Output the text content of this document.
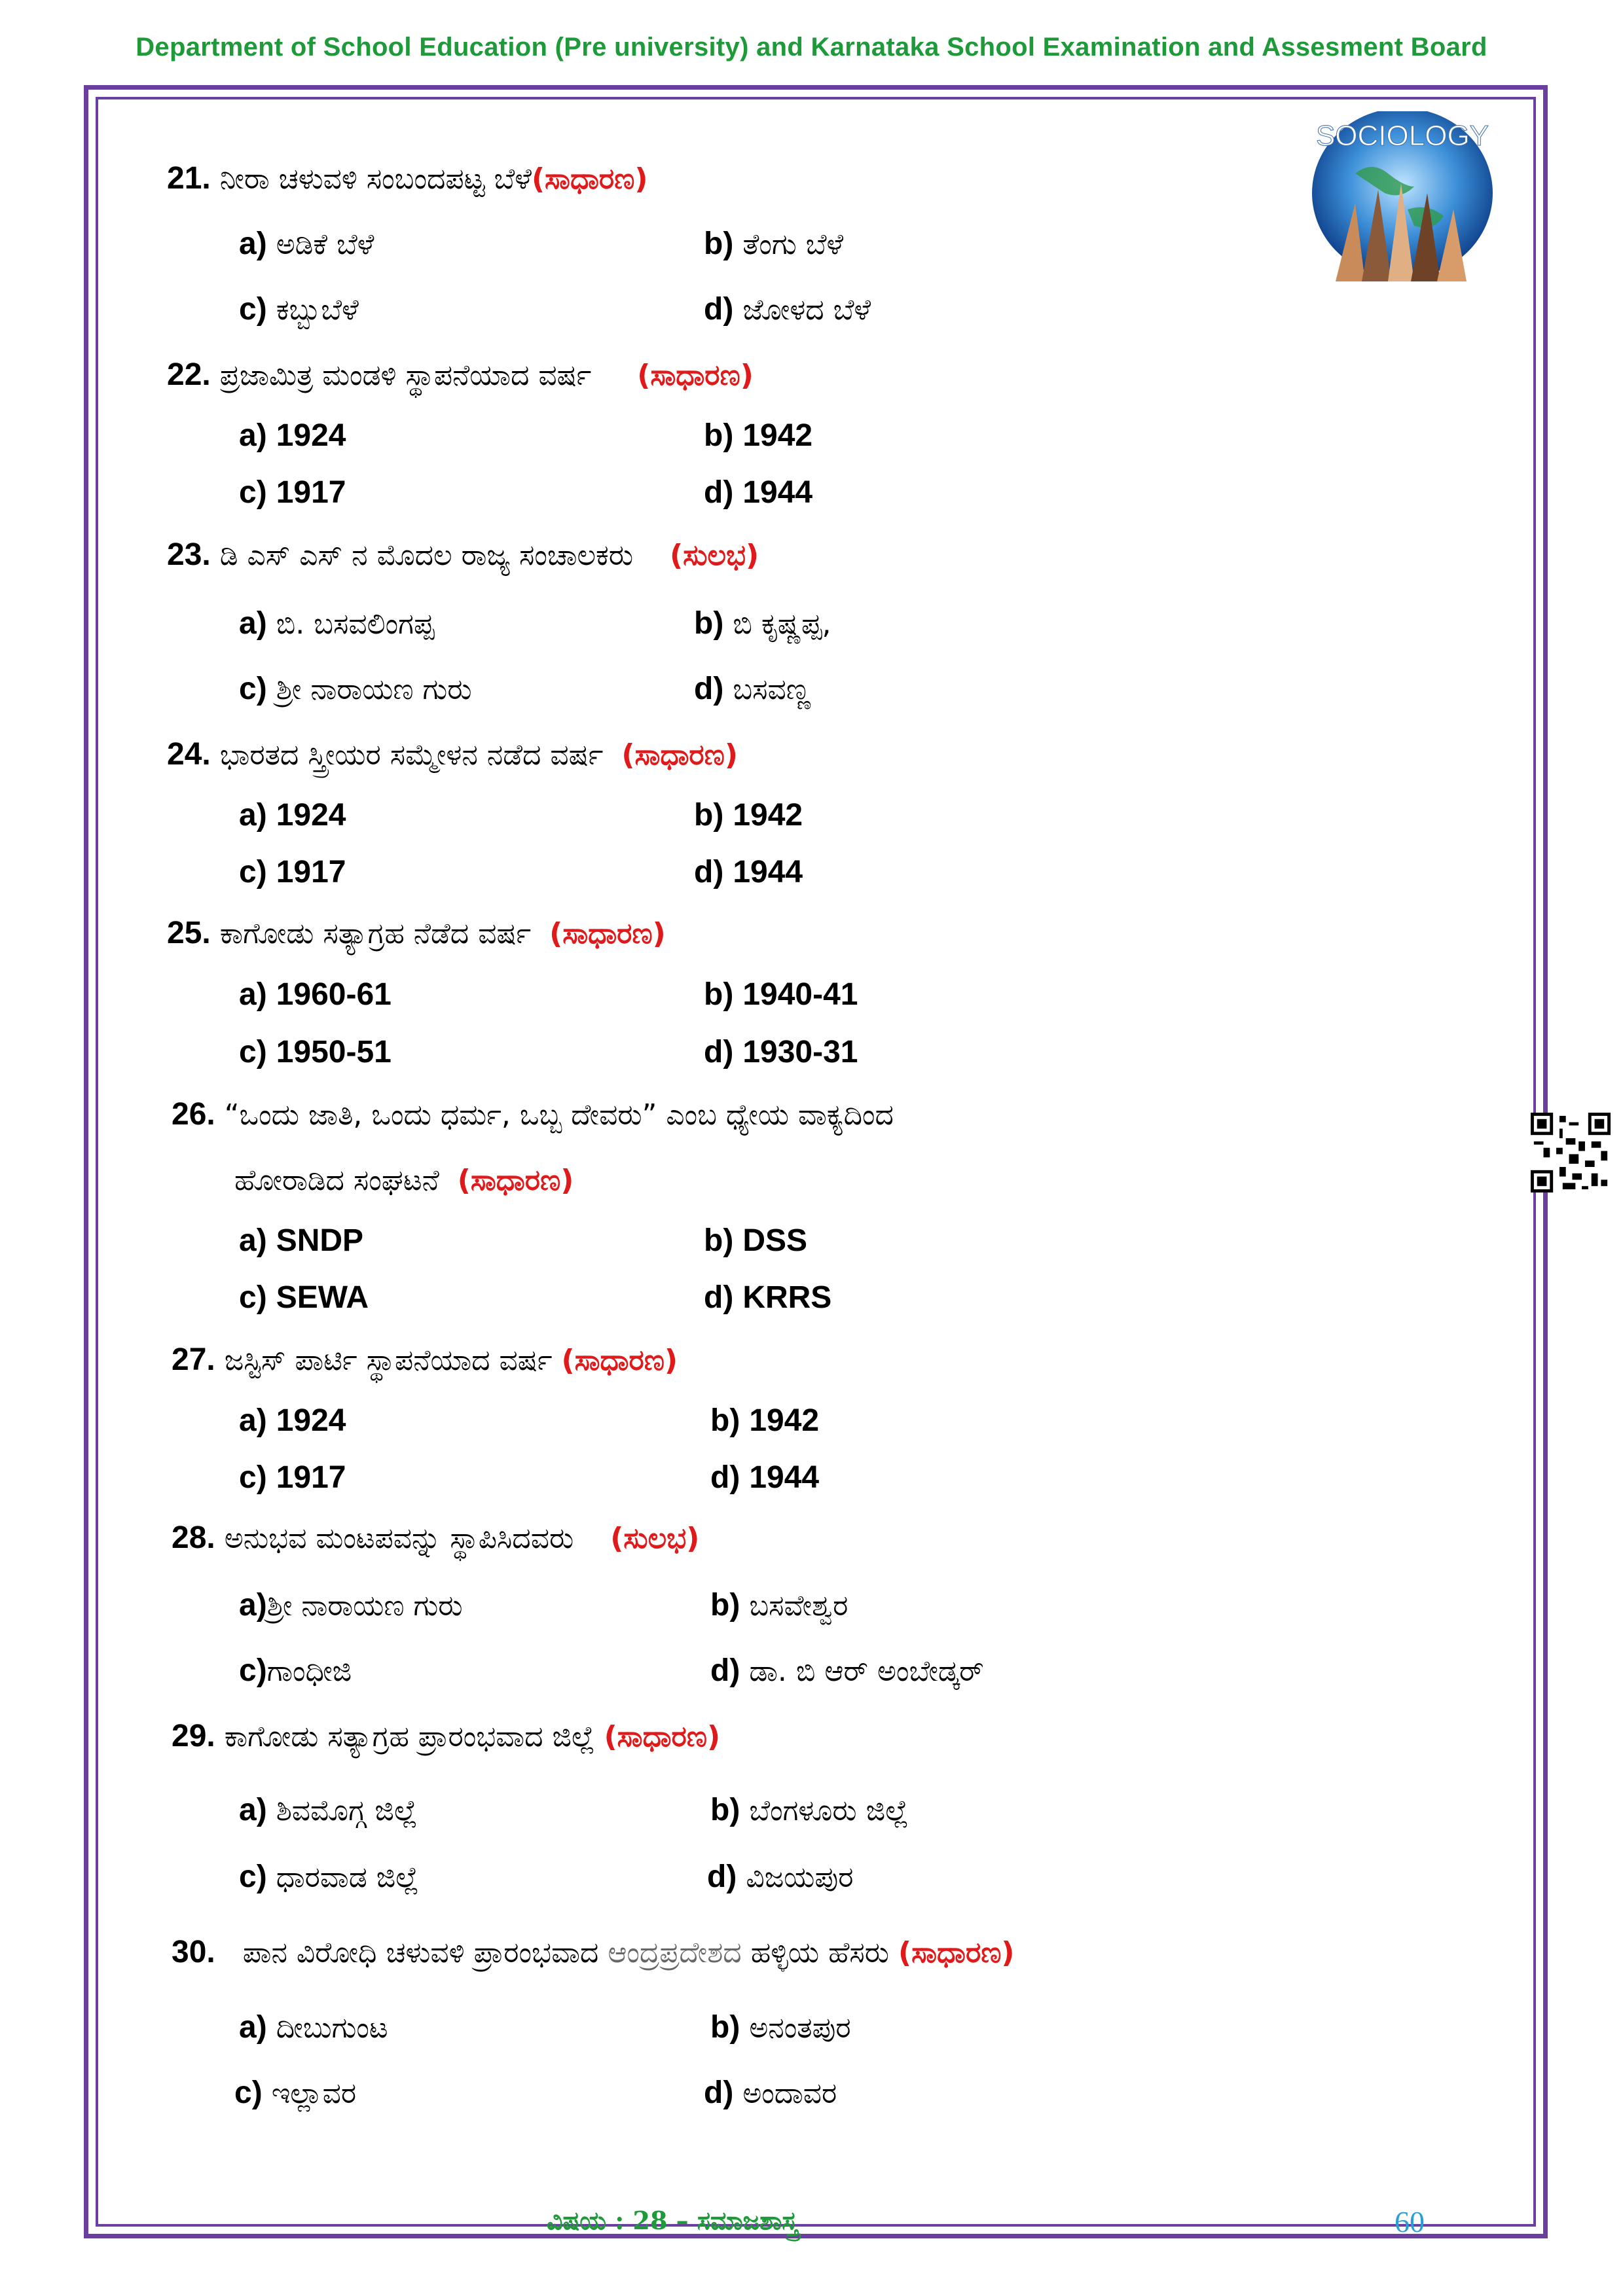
Department of School Education (Pre university) and Karnataka School Examination and Assesment Board
SOCIOLOGY
21. ನೀರಾ ಚಳುವಳಿ ಸಂಬಂದಪಟ್ಟ ಬೆಳೆ(ಸಾಧಾರಣ)
a) ಅಡಿಕೆ ಬೆಳೆ	b) ತೆಂಗು ಬೆಳೆ
c) ಕಬ್ಬುಬೆಳೆ	d) ಜೋಳದ ಬೆಳೆ
22. ಪ್ರಜಾಮಿತ್ರ ಮಂಡಳಿ ಸ್ಥಾಪನೆಯಾದ ವರ್ಷ (ಸಾಧಾರಣ)
a) 1924	b) 1942
c) 1917	d) 1944
23. ಡಿ ಎಸ್ ಎಸ್ ನ ಮೊದಲ ರಾಜ್ಯ ಸಂಚಾಲಕರು (ಸುಲಭ)
a) ಬಿ. ಬಸವಲಿಂಗಪ್ಪ	b) ಬಿ ಕೃಷ್ಣಪ್ಪ,
c) ಶ್ರೀ ನಾರಾಯಣ ಗುರು	d) ಬಸವಣ್ಣ
24. ಭಾರತದ ಸ್ತ್ರೀಯರ ಸಮ್ಮೇಳನ ನಡೆದ ವರ್ಷ (ಸಾಧಾರಣ)
a) 1924	b) 1942
c) 1917	d) 1944
25. ಕಾಗೋಡು ಸತ್ಯಾಗ್ರಹ ನೆಡೆದ ವರ್ಷ (ಸಾಧಾರಣ)
a) 1960-61	b) 1940-41
c) 1950-51	d) 1930-31
26. “ಒಂದು ಜಾತಿ, ಒಂದು ಧರ್ಮ, ಒಬ್ಬ ದೇವರು” ಎಂಬ ಧ್ಯೇಯ ವಾಕ್ಯದಿಂದ
ಹೋರಾಡಿದ ಸಂಘಟನೆ (ಸಾಧಾರಣ)
a) SNDP	b) DSS
c) SEWA	d) KRRS
27. ಜಸ್ಟಿಸ್ ಪಾರ್ಟಿ ಸ್ಥಾಪನೆಯಾದ ವರ್ಷ (ಸಾಧಾರಣ)
a) 1924	b) 1942
c) 1917	d) 1944
28. ಅನುಭವ ಮಂಟಪವನ್ನು ಸ್ಥಾಪಿಸಿದವರು (ಸುಲಭ)
a)ಶ್ರೀ ನಾರಾಯಣ ಗುರು	b) ಬಸವೇಶ್ವರ
c)ಗಾಂಧೀಜಿ	d) ಡಾ. ಬಿ ಆರ್ ಅಂಬೇಡ್ಕರ್
29. ಕಾಗೋಡು ಸತ್ಯಾಗ್ರಹ ಪ್ರಾರಂಭವಾದ ಜಿಲ್ಲೆ (ಸಾಧಾರಣ)
a) ಶಿವಮೊಗ್ಗ ಜಿಲ್ಲೆ	b) ಬೆಂಗಳೂರು ಜಿಲ್ಲೆ
c) ಧಾರವಾಡ ಜಿಲ್ಲೆ	d) ವಿಜಯಪುರ
30. ಪಾನ ವಿರೋಧಿ ಚಳುವಳಿ ಪ್ರಾರಂಭವಾದ ಆಂದ್ರಪ್ರದೇಶದ ಹಳ್ಳಿಯ ಹೆಸರು (ಸಾಧಾರಣ)
a) ದೀಬುಗುಂಟ	b) ಅನಂತಪುರ
c) ಇಲ್ಲಾವರ	d) ಅಂದಾವರ
ವಿಷಯ : 28 – ಸಮಾಜಶಾಸ್ತ್ರ	60
